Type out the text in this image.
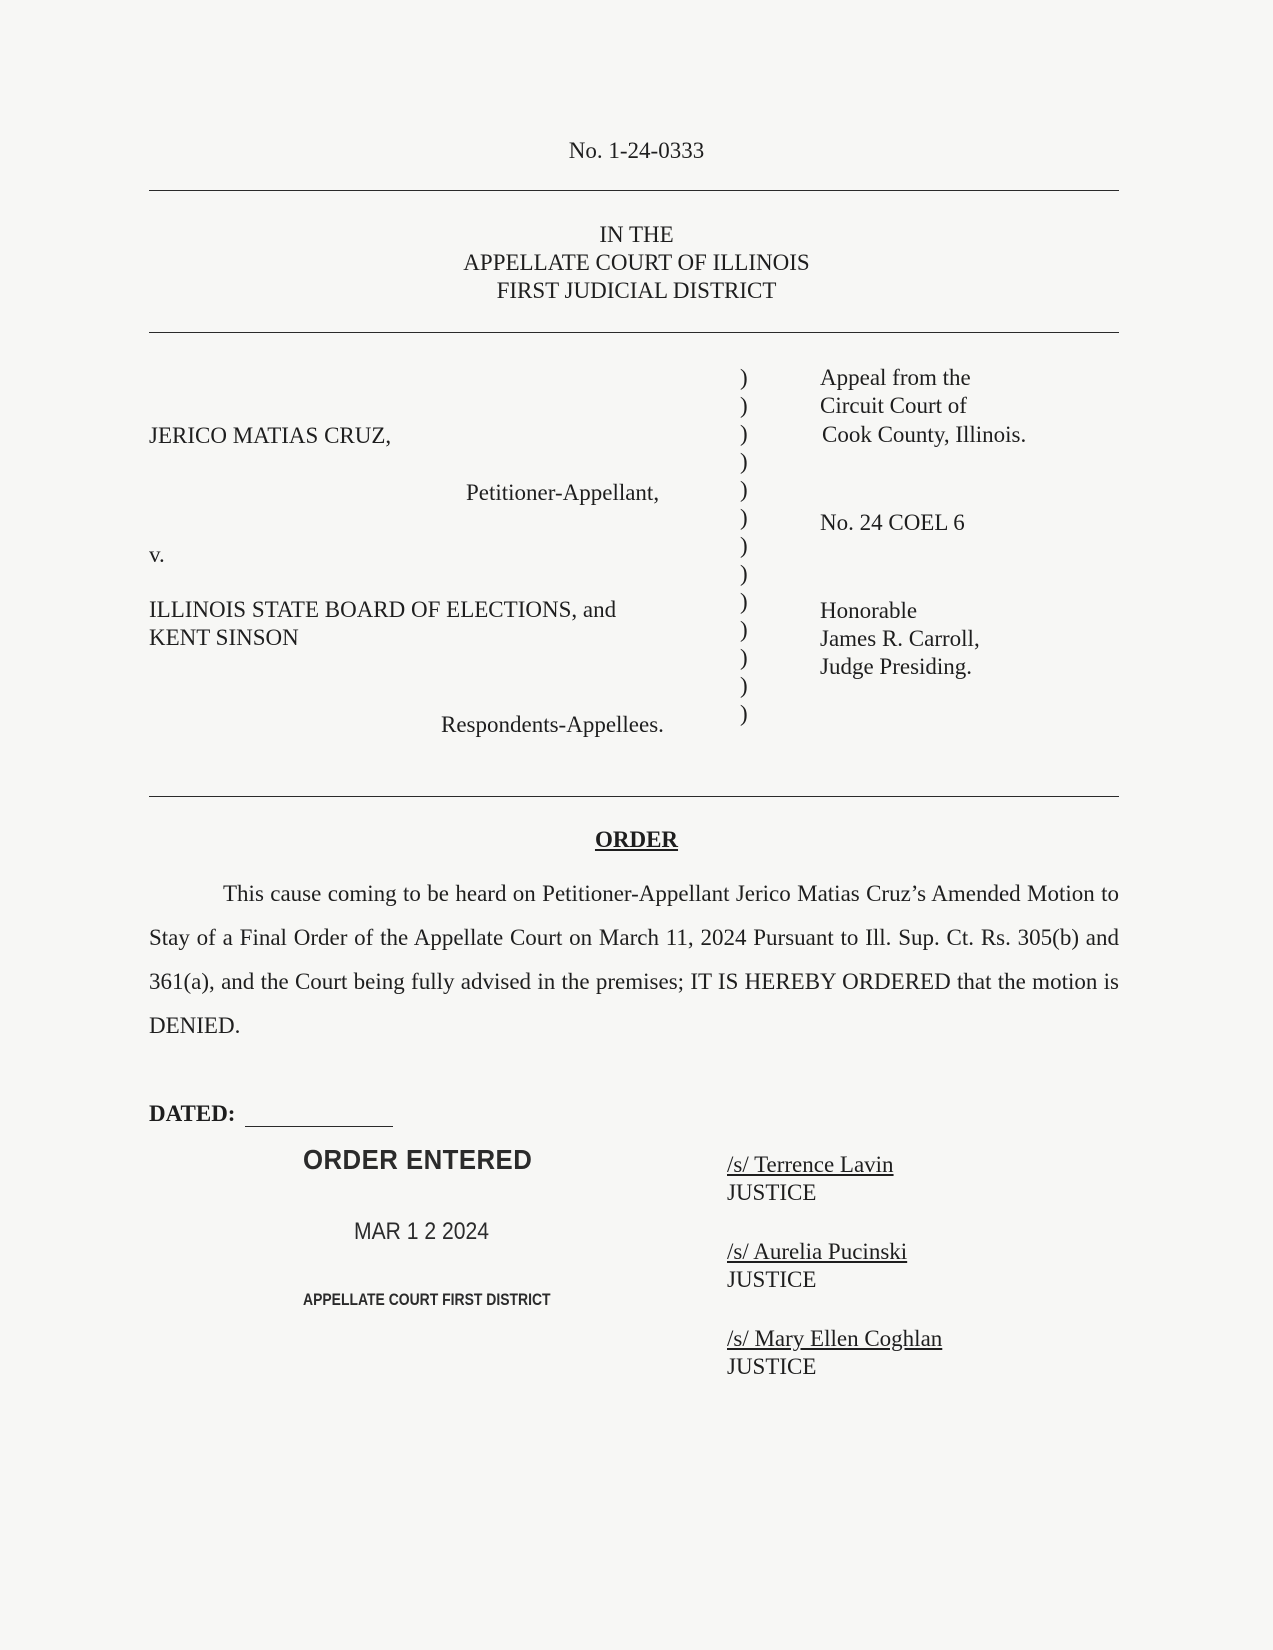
No. 1-24-0333
IN THE
APPELLATE COURT OF ILLINOIS
FIRST JUDICIAL DISTRICT
JERICO MATIAS CRUZ,
Petitioner-Appellant,
v.
ILLINOIS STATE BOARD OF ELECTIONS, and
KENT SINSON
Respondents-Appellees.
)
)
)
)
)
)
)
)
)
)
)
)
)
Appeal from the
Circuit Court of
Cook County, Illinois.
No. 24 COEL 6
Honorable
James R. Carroll,
Judge Presiding.
ORDER
This cause coming to be heard on Petitioner-Appellant Jerico Matias Cruz’s Amended Motion to Stay of a Final Order of the Appellate Court on March 11, 2024 Pursuant to Ill. Sup. Ct. Rs. 305(b) and 361(a), and the Court being fully advised in the premises; IT IS HEREBY ORDERED that the motion is DENIED.
DATED:
ORDER ENTERED
MAR 1 2 2024
APPELLATE COURT FIRST DISTRICT
/s/ Terrence Lavin
JUSTICE
/s/ Aurelia Pucinski
JUSTICE
/s/ Mary Ellen Coghlan
JUSTICE
